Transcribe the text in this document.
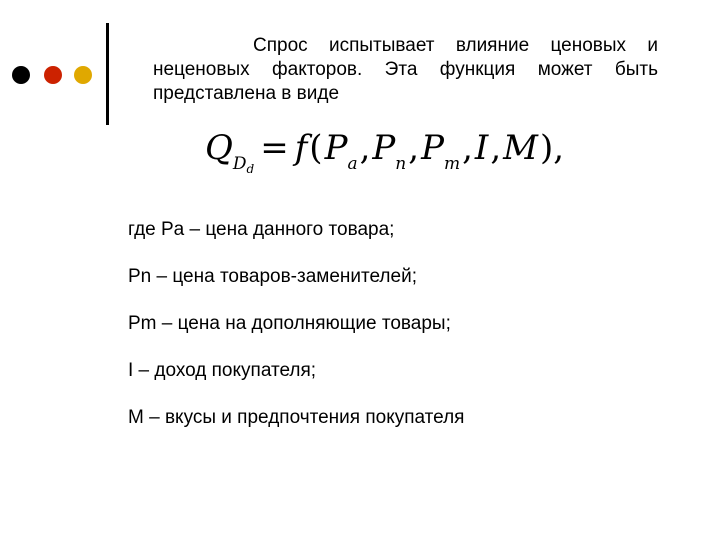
Спрос испытывает влияние ценовых и неценовых факторов. Эта функция может быть представлена в виде

Q $D_d$
= f ( P a , P n , P m , I , M ),
где Pa – цена данного товара;
Pn – цена товаров-заменителей;
Pm – цена на дополняющие товары;
I – доход покупателя;
M – вкусы и предпочтения покупателя
